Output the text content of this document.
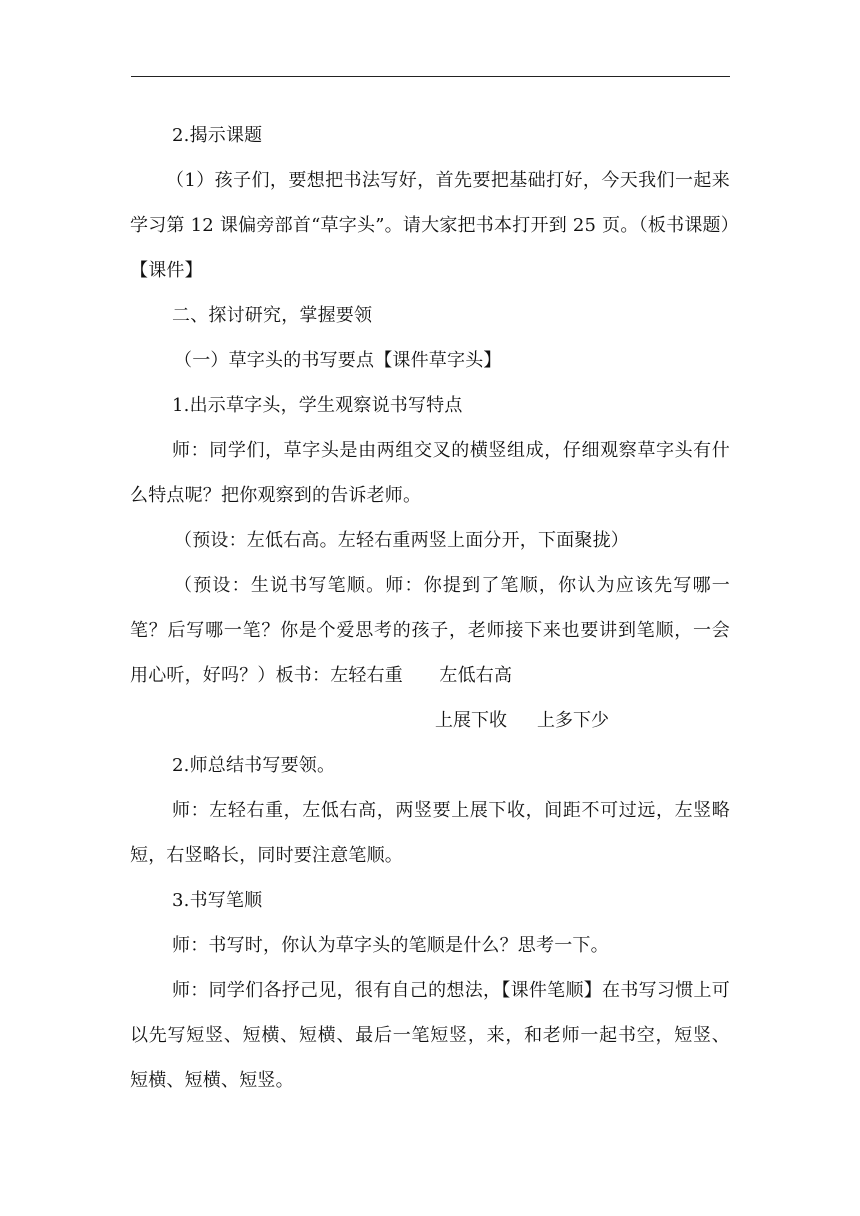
2.揭示课题

（1）孩子们，要想把书法写好，首先要把基础打好，今天我们一起来学习第 12 课偏旁部首“草字头”。请大家把书本打开到 25 页。（板书课题）【课件】

二、探讨研究，掌握要领

（一）草字头的书写要点【课件草字头】

1.出示草字头，学生观察说书写特点

师：同学们，草字头是由两组交叉的横竖组成，仔细观察草字头有什么特点呢？把你观察到的告诉老师。

（预设：左低右高。左轻右重两竖上面分开，下面聚拢）

（预设：生说书写笔顺。师：你提到了笔顺，你认为应该先写哪一笔？后写哪一笔？你是个爱思考的孩子，老师接下来也要讲到笔顺，一会用心听，好吗？）板书：左轻右重　　左低右高

上展下收 上多下少

2.师总结书写要领。

师：左轻右重，左低右高，两竖要上展下收，间距不可过远，左竖略短，右竖略长，同时要注意笔顺。

3.书写笔顺

师：书写时，你认为草字头的笔顺是什么？思考一下。

师：同学们各抒己见，很有自己的想法，【课件笔顺】在书写习惯上可以先写短竖、短横、短横、最后一笔短竖，来，和老师一起书空，短竖、短横、短横、短竖。
